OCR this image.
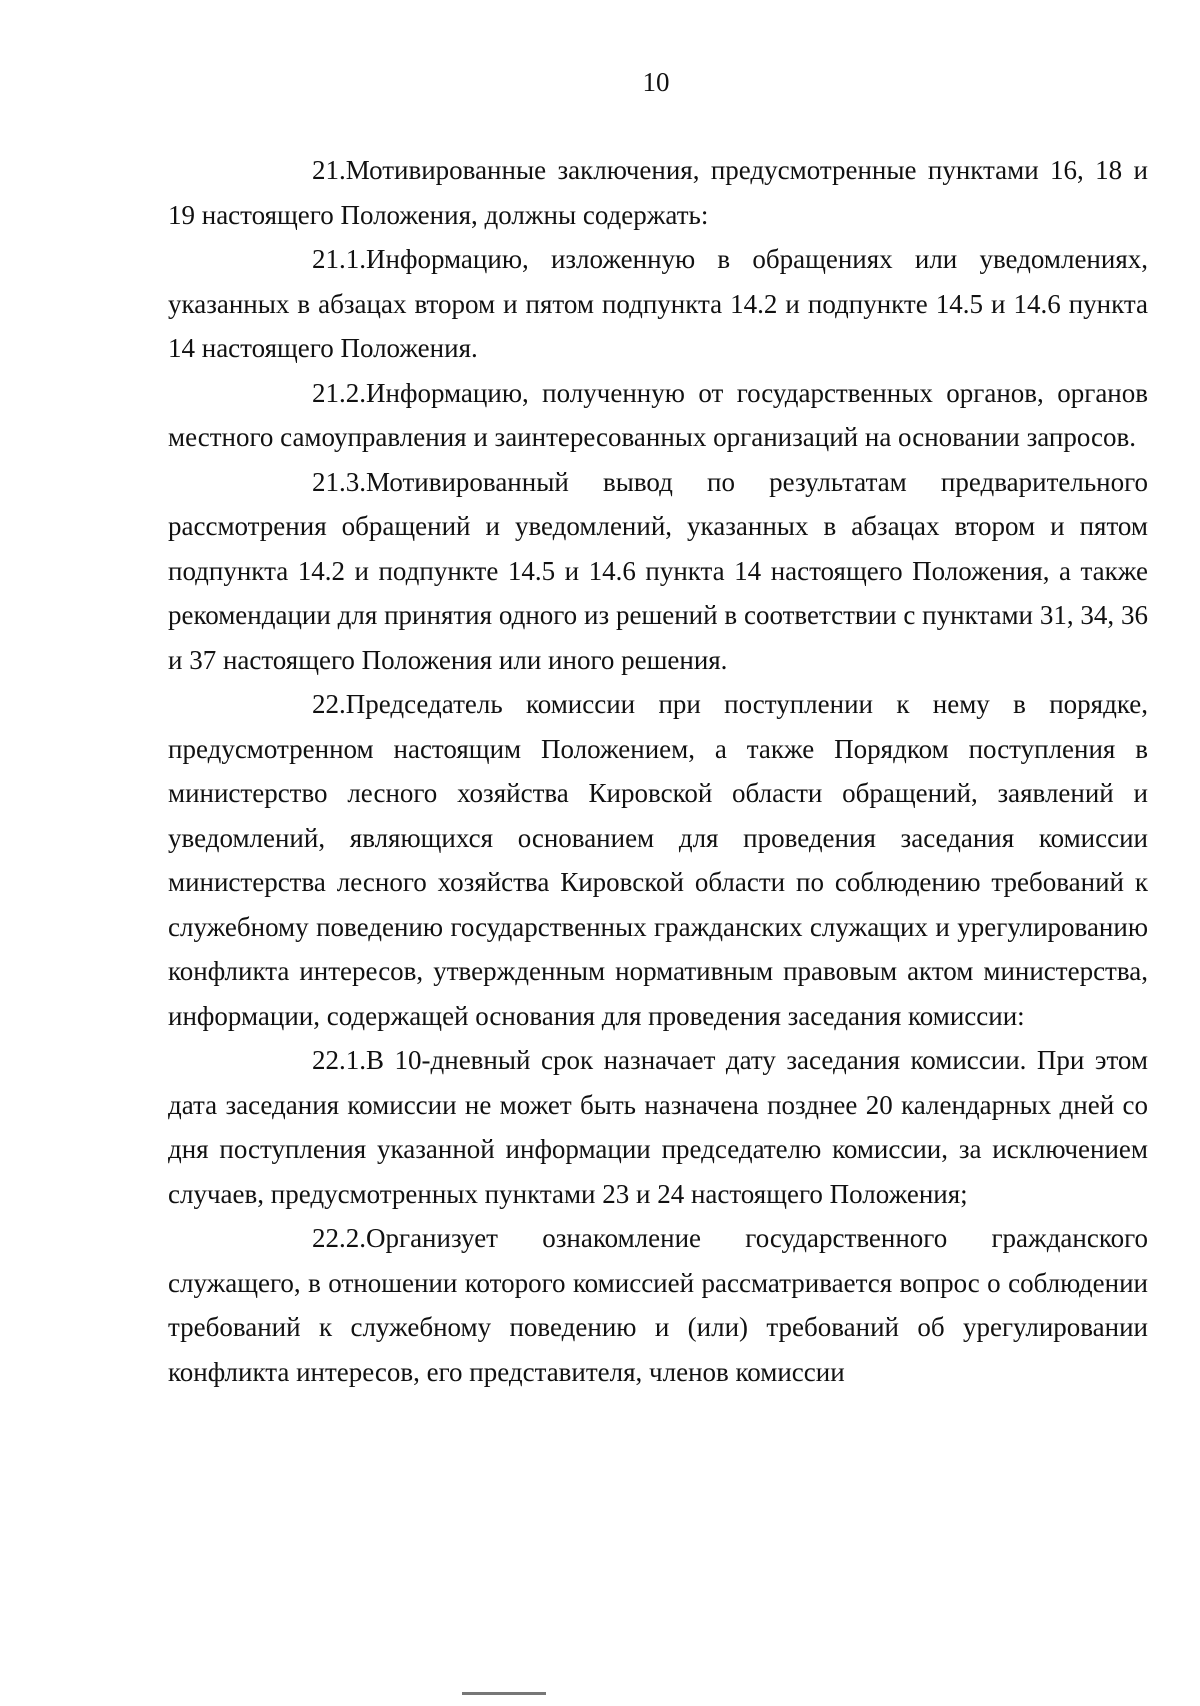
10

21.Мотивированные заключения, предусмотренные пунктами 16, 18 и 19 настоящего Положения, должны содержать:

21.1.Информацию, изложенную в обращениях или уведомлениях, указанных в абзацах втором и пятом подпункта 14.2 и подпункте 14.5 и 14.6 пункта 14 настоящего Положения.

21.2.Информацию, полученную от государственных органов, органов местного самоуправления и заинтересованных организаций на основании запросов.

21.3.Мотивированный вывод по результатам предварительного рассмотрения обращений и уведомлений, указанных в абзацах втором и пятом подпункта 14.2 и подпункте 14.5 и 14.6 пункта 14 настоящего Положения, а также рекомендации для принятия одного из решений в соответствии с пунктами 31, 34, 36 и 37 настоящего Положения или иного решения.

22.Председатель комиссии при поступлении к нему в порядке, предусмотренном настоящим Положением, а также Порядком поступления в министерство лесного хозяйства Кировской области обращений, заявлений и уведомлений, являющихся основанием для проведения заседания комиссии министерства лесного хозяйства Кировской области по соблюдению требований к служебному поведению государственных гражданских служащих и урегулированию конфликта интересов, утвержденным нормативным правовым актом министерства, информации, содержащей основания для проведения заседания комиссии:

22.1.В 10-дневный срок назначает дату заседания комиссии. При этом дата заседания комиссии не может быть назначена позднее 20 календарных дней со дня поступления указанной информации председателю комиссии, за исключением случаев, предусмотренных пунктами 23 и 24 настоящего Положения;

22.2.Организует ознакомление государственного гражданского служащего, в отношении которого комиссией рассматривается вопрос о соблюдении требований к служебному поведению и (или) требований об урегулировании конфликта интересов, его представителя, членов комиссии
